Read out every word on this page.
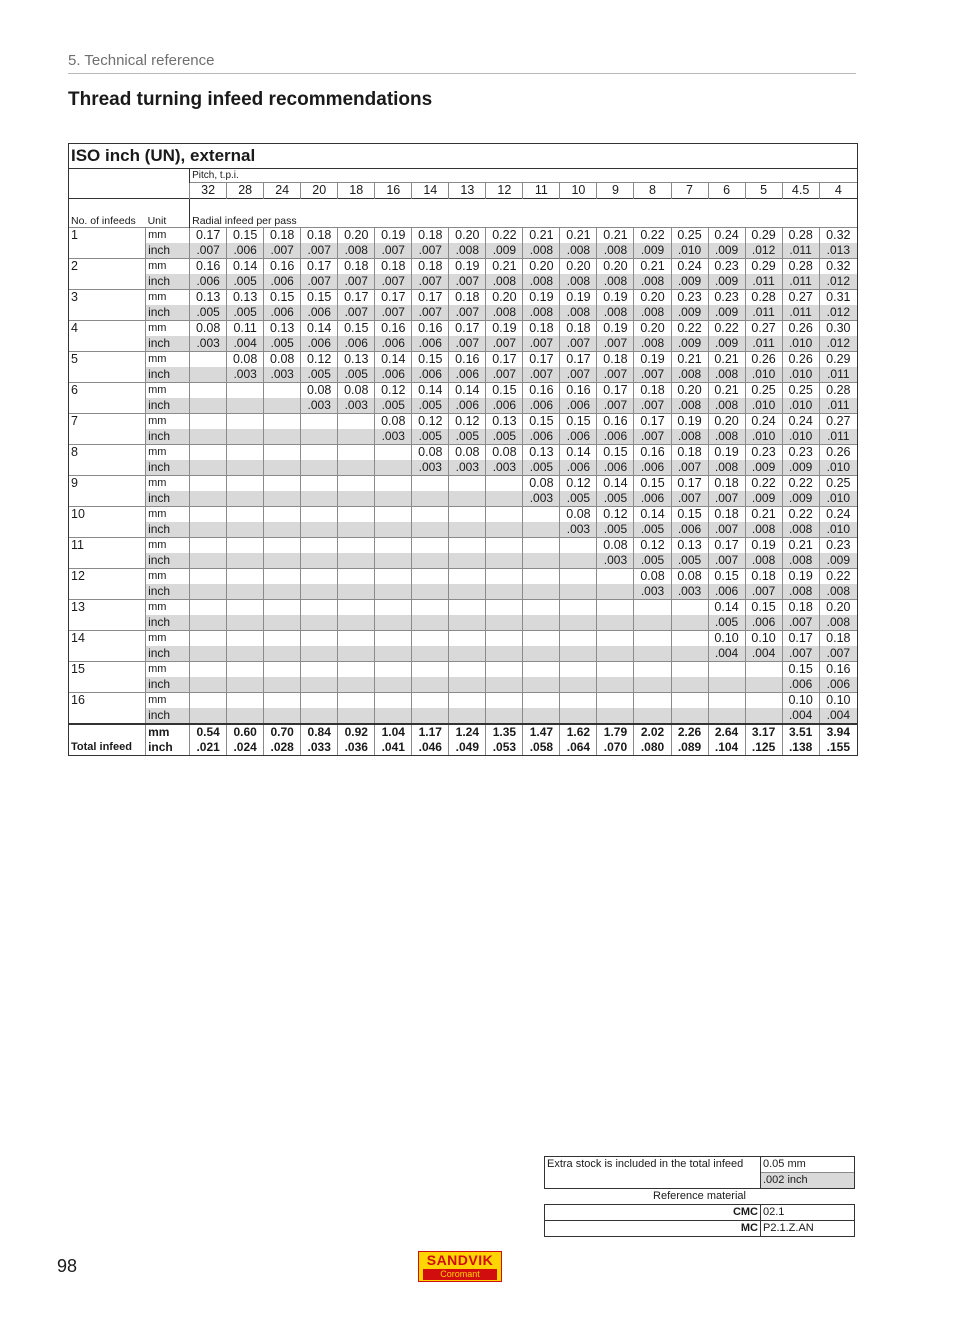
5. Technical reference
Thread turning infeed recommendations
ISO inch (UN), external
		Pitch, t.p.i.																	
		32	28	24	20	18	16	14	13	12	11	10	9	8	7	6	5	4.5	4
No. of infeeds	Unit	Radial infeed per pass																	
1	mm	0.17	0.15	0.18	0.18	0.20	0.19	0.18	0.20	0.22	0.21	0.21	0.21	0.22	0.25	0.24	0.29	0.28	0.32
	inch	.007	.006	.007	.007	.008	.007	.007	.008	.009	.008	.008	.008	.009	.010	.009	.012	.011	.013
2	mm	0.16	0.14	0.16	0.17	0.18	0.18	0.18	0.19	0.21	0.20	0.20	0.20	0.21	0.24	0.23	0.29	0.28	0.32
	inch	.006	.005	.006	.007	.007	.007	.007	.007	.008	.008	.008	.008	.008	.009	.009	.011	.011	.012
3	mm	0.13	0.13	0.15	0.15	0.17	0.17	0.17	0.18	0.20	0.19	0.19	0.19	0.20	0.23	0.23	0.28	0.27	0.31
	inch	.005	.005	.006	.006	.007	.007	.007	.007	.008	.008	.008	.008	.008	.009	.009	.011	.011	.012
4	mm	0.08	0.11	0.13	0.14	0.15	0.16	0.16	0.17	0.19	0.18	0.18	0.19	0.20	0.22	0.22	0.27	0.26	0.30
	inch	.003	.004	.005	.006	.006	.006	.006	.007	.007	.007	.007	.007	.008	.009	.009	.011	.010	.012
5	mm		0.08	0.08	0.12	0.13	0.14	0.15	0.16	0.17	0.17	0.17	0.18	0.19	0.21	0.21	0.26	0.26	0.29
	inch		.003	.003	.005	.005	.006	.006	.006	.007	.007	.007	.007	.007	.008	.008	.010	.010	.011
6	mm				0.08	0.08	0.12	0.14	0.14	0.15	0.16	0.16	0.17	0.18	0.20	0.21	0.25	0.25	0.28
	inch				.003	.003	.005	.005	.006	.006	.006	.006	.007	.007	.008	.008	.010	.010	.011
7	mm						0.08	0.12	0.12	0.13	0.15	0.15	0.16	0.17	0.19	0.20	0.24	0.24	0.27
	inch						.003	.005	.005	.005	.006	.006	.006	.007	.008	.008	.010	.010	.011
8	mm							0.08	0.08	0.08	0.13	0.14	0.15	0.16	0.18	0.19	0.23	0.23	0.26
	inch							.003	.003	.003	.005	.006	.006	.006	.007	.008	.009	.009	.010
9	mm										0.08	0.12	0.14	0.15	0.17	0.18	0.22	0.22	0.25
	inch										.003	.005	.005	.006	.007	.007	.009	.009	.010
10	mm											0.08	0.12	0.14	0.15	0.18	0.21	0.22	0.24
	inch											.003	.005	.005	.006	.007	.008	.008	.010
11	mm												0.08	0.12	0.13	0.17	0.19	0.21	0.23
	inch												.003	.005	.005	.007	.008	.008	.009
12	mm													0.08	0.08	0.15	0.18	0.19	0.22
	inch													.003	.003	.006	.007	.008	.008
13	mm															0.14	0.15	0.18	0.20
	inch															.005	.006	.007	.008
14	mm															0.10	0.10	0.17	0.18
	inch															.004	.004	.007	.007
15	mm																	0.15	0.16
	inch																	.006	.006
16	mm																	0.10	0.10
	inch																	.004	.004
	mm	0.54	0.60	0.70	0.84	0.92	1.04	1.17	1.24	1.35	1.47	1.62	1.79	2.02	2.26	2.64	3.17	3.51	3.94
Total infeed	inch	.021	.024	.028	.033	.036	.041	.046	.049	.053	.058	.064	.070	.080	.089	.104	.125	.138	.155
Extra stock is included in the total infeed	0.05 mm
	.002 inch
Reference material	
CMC	02.1
MC	P2.1.Z.AN
98	SANDVIK
Coromant
